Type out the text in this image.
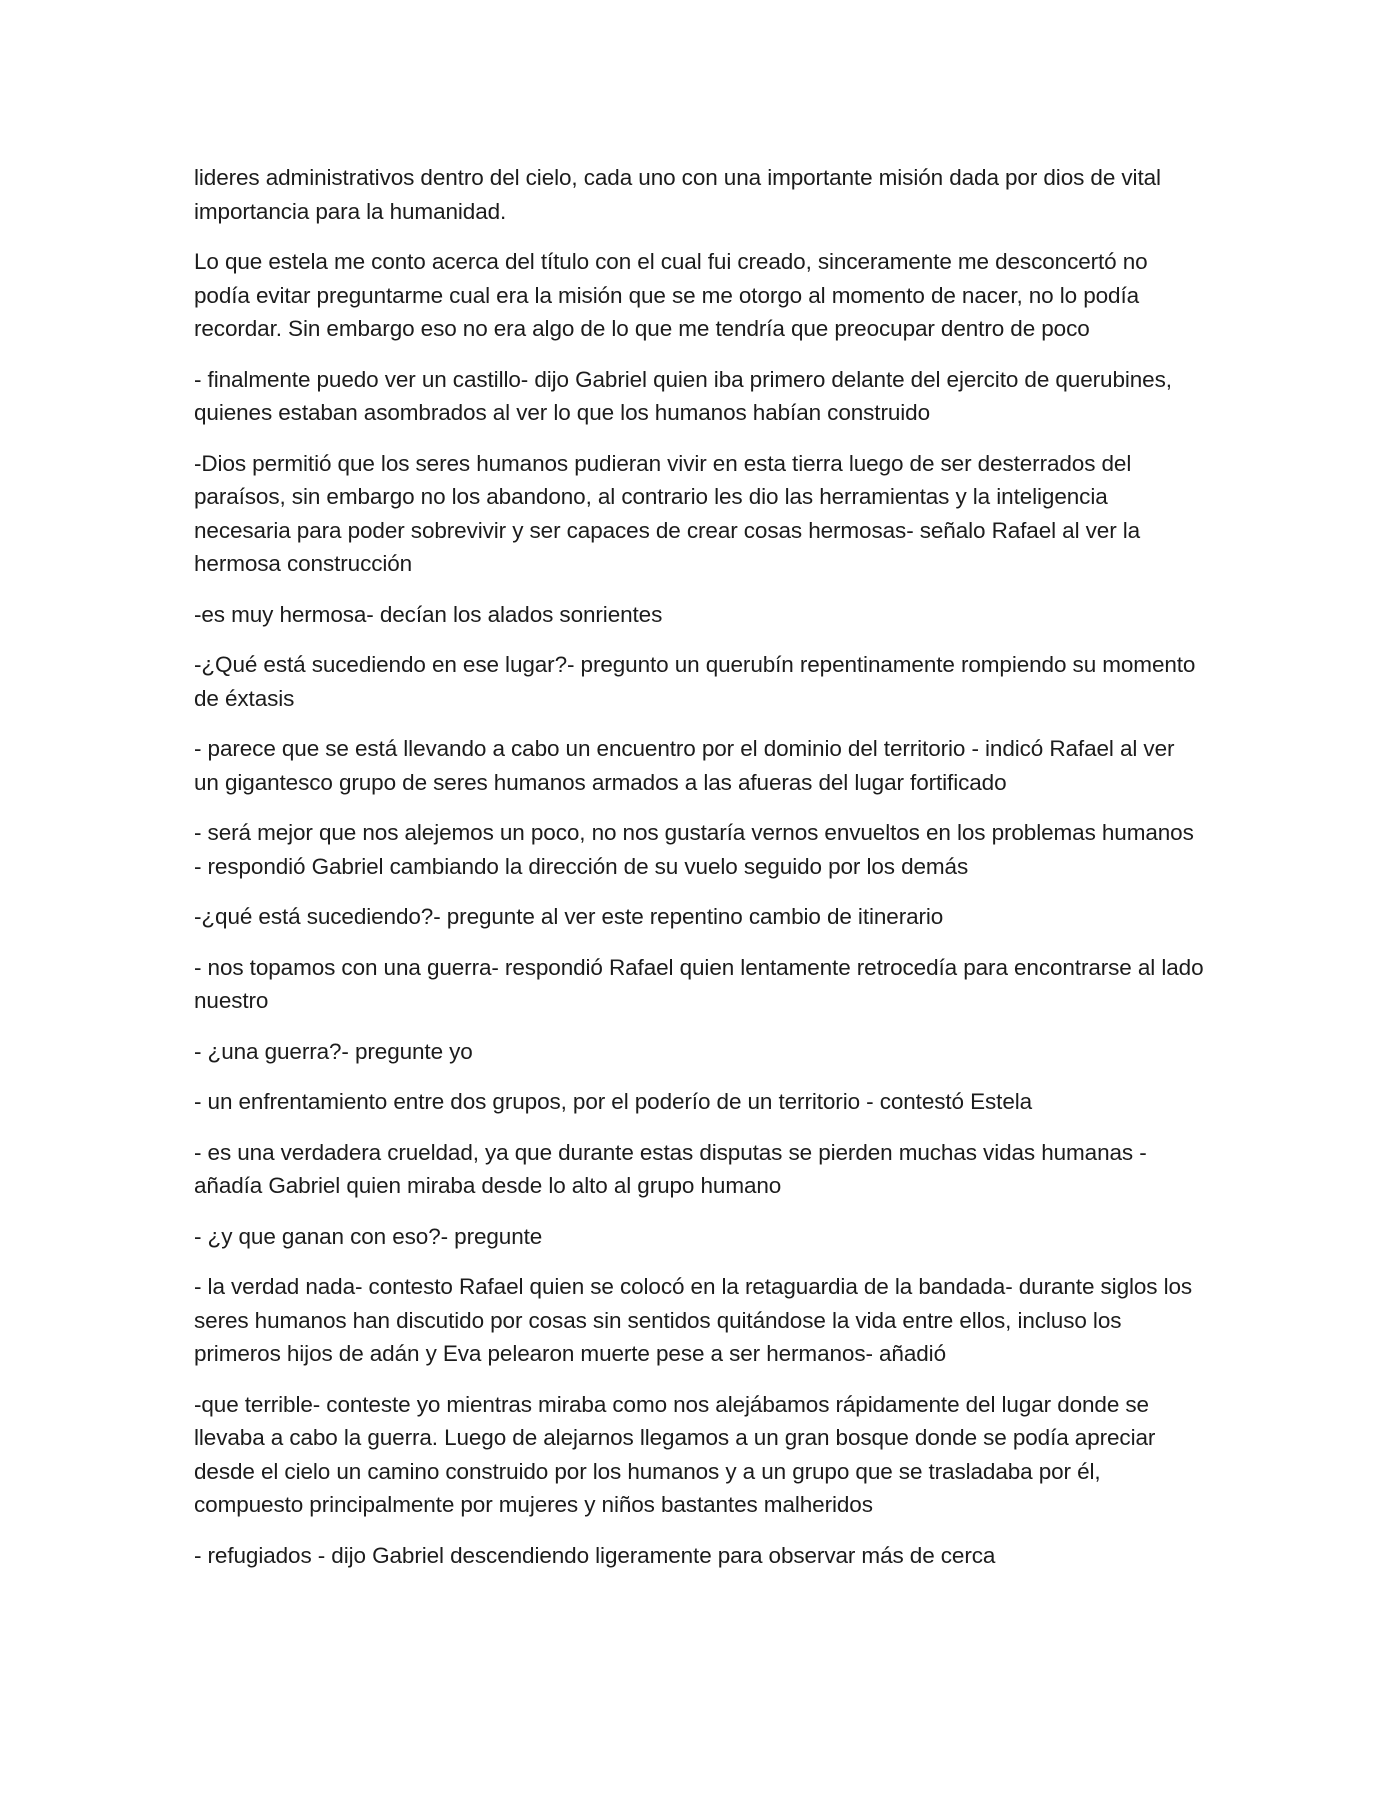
lideres administrativos dentro del cielo, cada uno con una importante misión dada por dios de vital importancia para la humanidad.

Lo que estela me conto acerca del título con el cual fui creado, sinceramente me desconcertó no podía evitar preguntarme cual era la misión que se me otorgo al momento de nacer, no lo podía recordar. Sin embargo eso no era algo de lo que me tendría que preocupar dentro de poco

- finalmente puedo ver un castillo- dijo Gabriel quien iba primero delante del ejercito de querubines, quienes estaban asombrados al ver lo que los humanos habían construido

-Dios permitió que los seres humanos pudieran vivir en esta tierra luego de ser desterrados del paraísos, sin embargo no los abandono, al contrario les dio las herramientas y la inteligencia necesaria para poder sobrevivir y ser capaces de crear cosas hermosas- señalo Rafael al ver la hermosa construcción

-es muy hermosa- decían los alados sonrientes

-¿Qué está sucediendo en ese lugar?- pregunto un querubín repentinamente rompiendo su momento de éxtasis

- parece que se está llevando a cabo un encuentro por el dominio del territorio - indicó Rafael al ver un gigantesco grupo de seres humanos armados a las afueras del lugar fortificado

- será mejor que nos alejemos un poco, no nos gustaría vernos envueltos en los problemas humanos - respondió Gabriel cambiando la dirección de su vuelo seguido por los demás

-¿qué está sucediendo?- pregunte al ver este repentino cambio de itinerario

- nos topamos con una guerra- respondió Rafael quien lentamente retrocedía para encontrarse al lado nuestro

- ¿una guerra?- pregunte yo

- un enfrentamiento entre dos grupos, por el poderío de un territorio - contestó Estela

- es una verdadera crueldad, ya que durante estas disputas se pierden muchas vidas humanas - añadía Gabriel quien miraba desde lo alto al grupo humano

- ¿y que ganan con eso?- pregunte

- la verdad nada- contesto Rafael quien se colocó en la retaguardia de la bandada- durante siglos los seres humanos han discutido por cosas sin sentidos quitándose la vida entre ellos, incluso los primeros hijos de adán y Eva pelearon muerte pese a ser hermanos- añadió

-que terrible- conteste yo mientras miraba como nos alejábamos rápidamente del lugar donde se llevaba a cabo la guerra. Luego de alejarnos llegamos a un gran bosque donde se podía apreciar desde el cielo un camino construido por los humanos y a un grupo que se trasladaba por él, compuesto principalmente por mujeres y niños bastantes malheridos

- refugiados - dijo Gabriel descendiendo ligeramente para observar más de cerca
